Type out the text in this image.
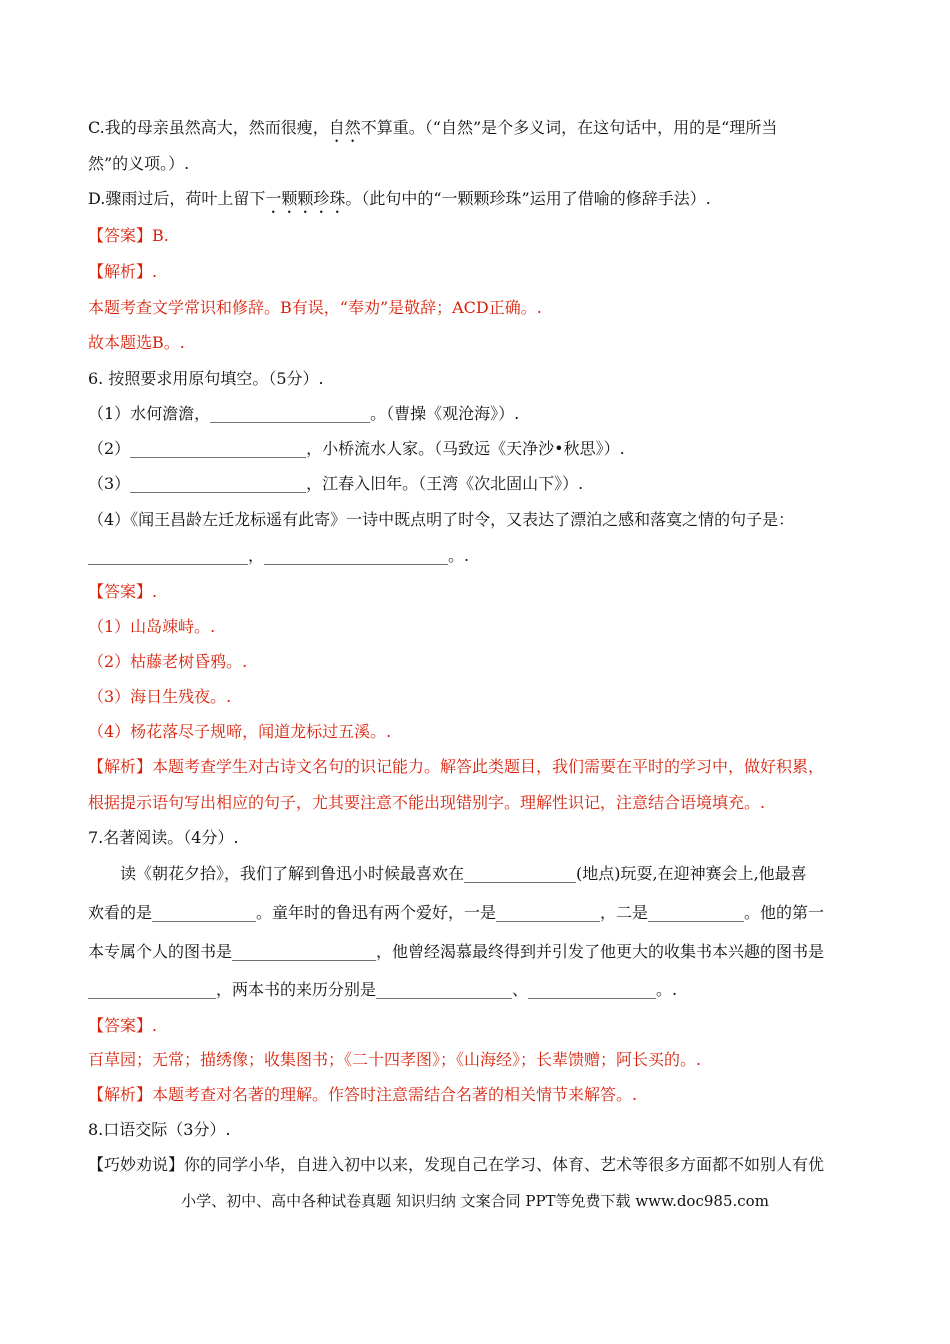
C.我的母亲虽然高大，然而很瘦，自然不算重。（“自然”是个多义词，在这句话中，用的是“理所当
然”的义项。）.
D.骤雨过后，荷叶上留下一颗颗珍珠。（此句中的“一颗颗珍珠”运用了借喻的修辞手法）.
【答案】B.
【解析】.
本题考查文学常识和修辞。B有误，“奉劝”是敬辞；ACD正确。.
故本题选B。.
6. 按照要求用原句填空。（5分）.
（1）水何澹澹，____________________。（曹操《观沧海》）.
（2）______________________，小桥流水人家。（马致远《天净沙•秋思》）.
（3）______________________，江春入旧年。（王湾《次北固山下》）.
（4）《闻王昌龄左迁龙标遥有此寄》一诗中既点明了时令，又表达了漂泊之感和落寞之情的句子是：
____________________，_______________________。.
【答案】.
（1）山岛竦峙。.
（2）枯藤老树昏鸦。.
（3）海日生残夜。.
（4）杨花落尽子规啼，闻道龙标过五溪。.
【解析】本题考查学生对古诗文名句的识记能力。解答此类题目，我们需要在平时的学习中，做好积累，
根据提示语句写出相应的句子，尤其要注意不能出现错别字。理解性识记，注意结合语境填充。.
7.名著阅读。（4分）.
读《朝花夕拾》，我们了解到鲁迅小时候最喜欢在______________(地点)玩耍,在迎神赛会上,他最喜
欢看的是_____________。童年时的鲁迅有两个爱好，一是_____________，二是____________。他的第一
本专属个人的图书是__________________，他曾经渴慕最终得到并引发了他更大的收集书本兴趣的图书是
________________，两本书的来历分别是_________________、________________。.
【答案】.
百草园；无常；描绣像；收集图书；《二十四孝图》；《山海经》；长辈馈赠；阿长买的。.
【解析】本题考查对名著的理解。作答时注意需结合名著的相关情节来解答。.
8.口语交际（3分）.
【巧妙劝说】你的同学小华，自进入初中以来，发现自己在学习、体育、艺术等很多方面都不如别人有优
小学、初中、高中各种试卷真题 知识归纳 文案合同 PPT等免费下载 www.doc985.com
